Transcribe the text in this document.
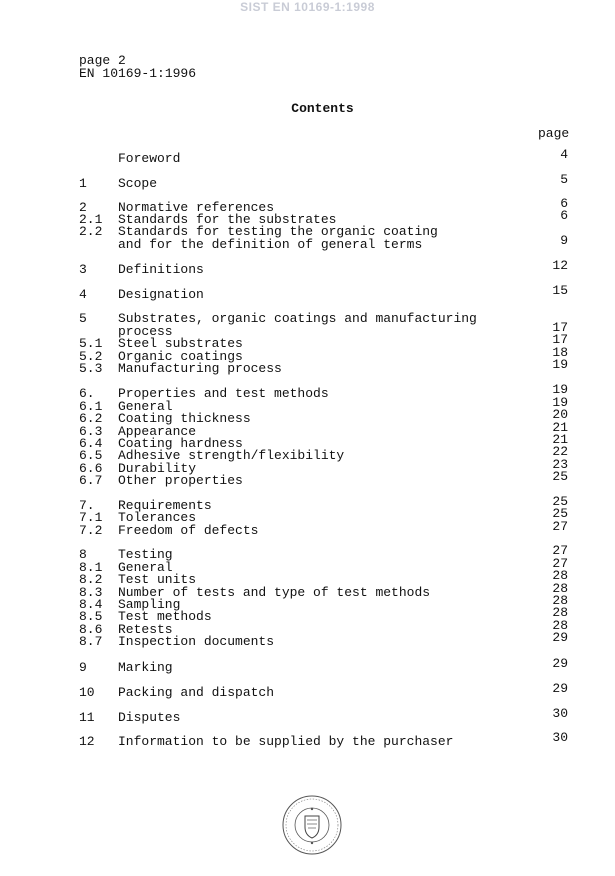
SIST EN 10169-1:1998
page 2
EN 10169-1:1996
Contents
page
Foreword	4
1 Scope	5
2 Normative references	6
2.1 Standards for the substrates	6
2.2 Standards for testing the organic coating
and for the definition of general terms	9
3 Definitions	12
4 Designation	15
5 Substrates, organic coatings and manufacturing
process	17
5.1 Steel substrates	17
5.2 Organic coatings	18
5.3 Manufacturing process	19
6. Properties and test methods	19
6.1 General	19
6.2 Coating thickness	20
6.3 Appearance	21
6.4 Coating hardness	21
6.5 Adhesive strength/flexibility	22
6.6 Durability	23
6.7 Other properties	25
7. Requirements	25
7.1 Tolerances	25
7.2 Freedom of defects	27
8 Testing	27
8.1 General	27
8.2 Test units	28
8.3 Number of tests and type of test methods	28
8.4 Sampling	28
8.5 Test methods	28
8.6 Retests	28
8.7 Inspection documents	29
9 Marking	29
10 Packing and dispatch	29
11 Disputes	30
12 Information to be supplied by the purchaser	30
